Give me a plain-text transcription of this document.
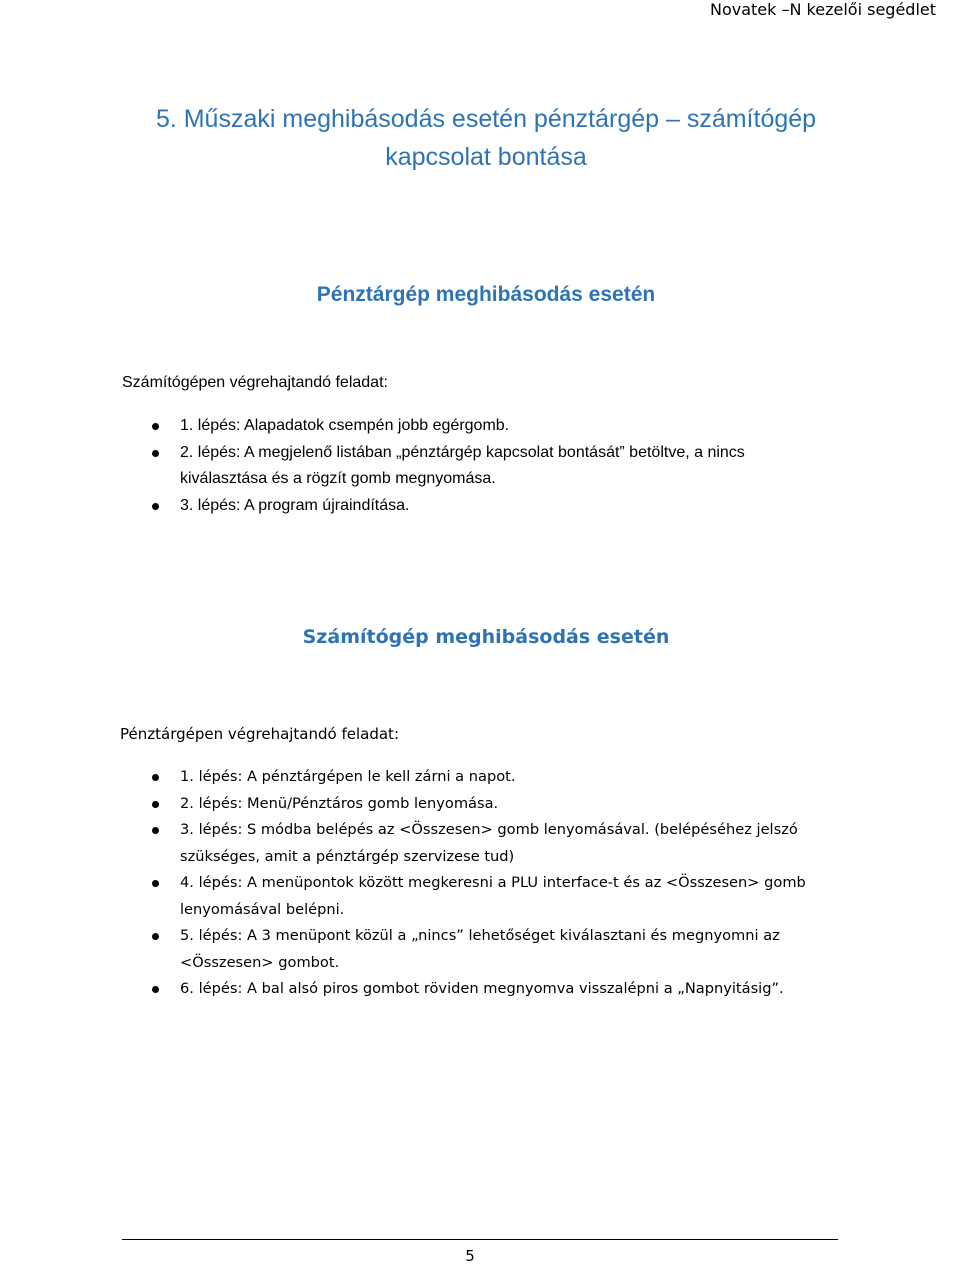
Novatek –N kezelői segédlet
5. Műszaki meghibásodás esetén pénztárgép – számítógép
kapcsolat bontása
Pénztárgép meghibásodás esetén

Számítógépen végrehajtandó feladat:

1. lépés: Alapadatok csempén jobb egérgomb.
2. lépés: A megjelenő listában „pénztárgép kapcsolat bontását” betöltve, a nincs kiválasztása és a rögzít gomb megnyomása.
3. lépés: A program újraindítása.
Számítógép meghibásodás esetén

Pénztárgépen végrehajtandó feladat:

1. lépés: A pénztárgépen le kell zárni a napot.
2. lépés: Menü/Pénztáros gomb lenyomása.
3. lépés: S módba belépés az <Összesen> gomb lenyomásával. (belépéséhez jelszó szükséges, amit a pénztárgép szervizese tud)
4. lépés: A menüpontok között megkeresni a PLU interface-t és az <Összesen> gomb lenyomásával belépni.
5. lépés: A 3 menüpont közül a „nincs” lehetőséget kiválasztani és megnyomni az <Összesen> gombot.
6. lépés: A bal alsó piros gombot röviden megnyomva visszalépni a „Napnyitásig”.
5
